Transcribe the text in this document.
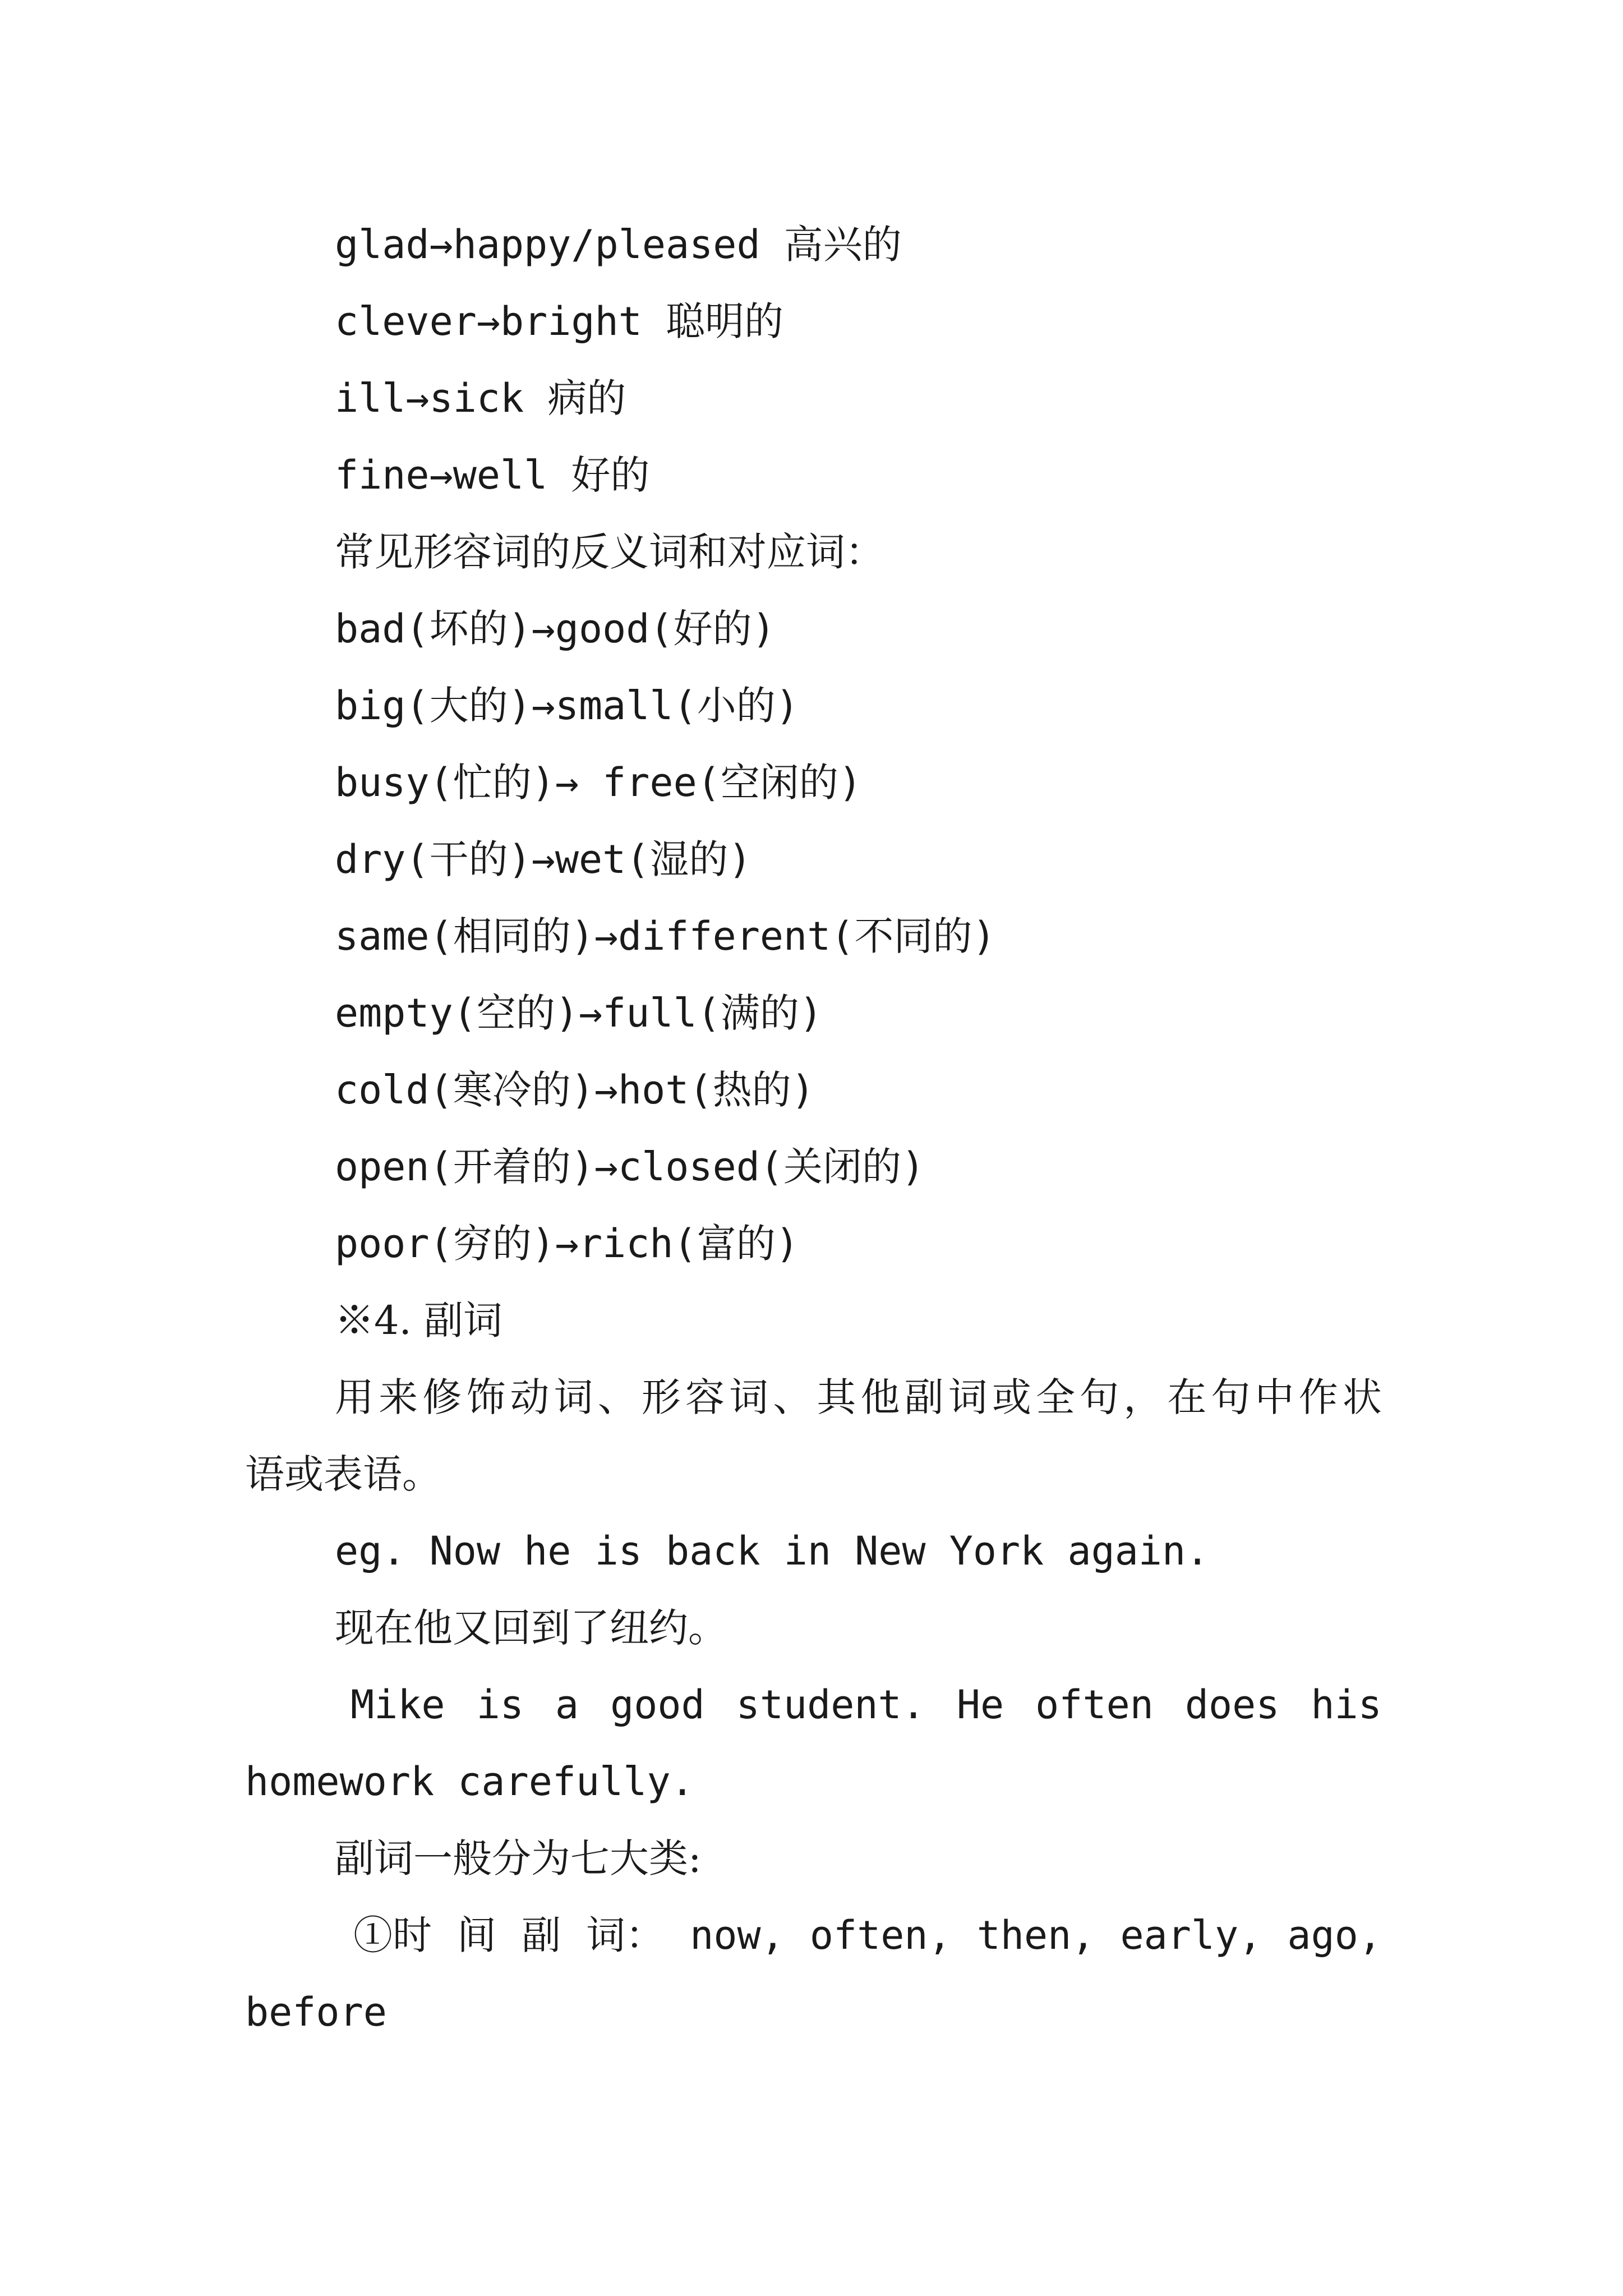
glad→happy/pleased 高兴的
clever→bright 聪明的
ill→sick 病的
fine→well 好的
常见形容词的反义词和对应词：
bad(坏的)→good(好的)
big(大的)→small(小的)
busy(忙的)→ free(空闲的)
dry(干的)→wet(湿的)
same(相同的)→different(不同的)
empty(空的)→full(满的)
cold(寒冷的)→hot(热的)
open(开着的)→closed(关闭的)
poor(穷的)→rich(富的)
※4. 副词
用 来 修 饰 动 词 、 形 容 词 、 其 他 副 词 或 全 句 ， 在 句 中 作 状
语或表语。
eg. Now he is back in New York again.
现在他又回到了纽约。
Mike is a good student. He often does his
homework carefully.
副词一般分为七大类:
①时 间 副 词： now, often, then, early, ago,
before
